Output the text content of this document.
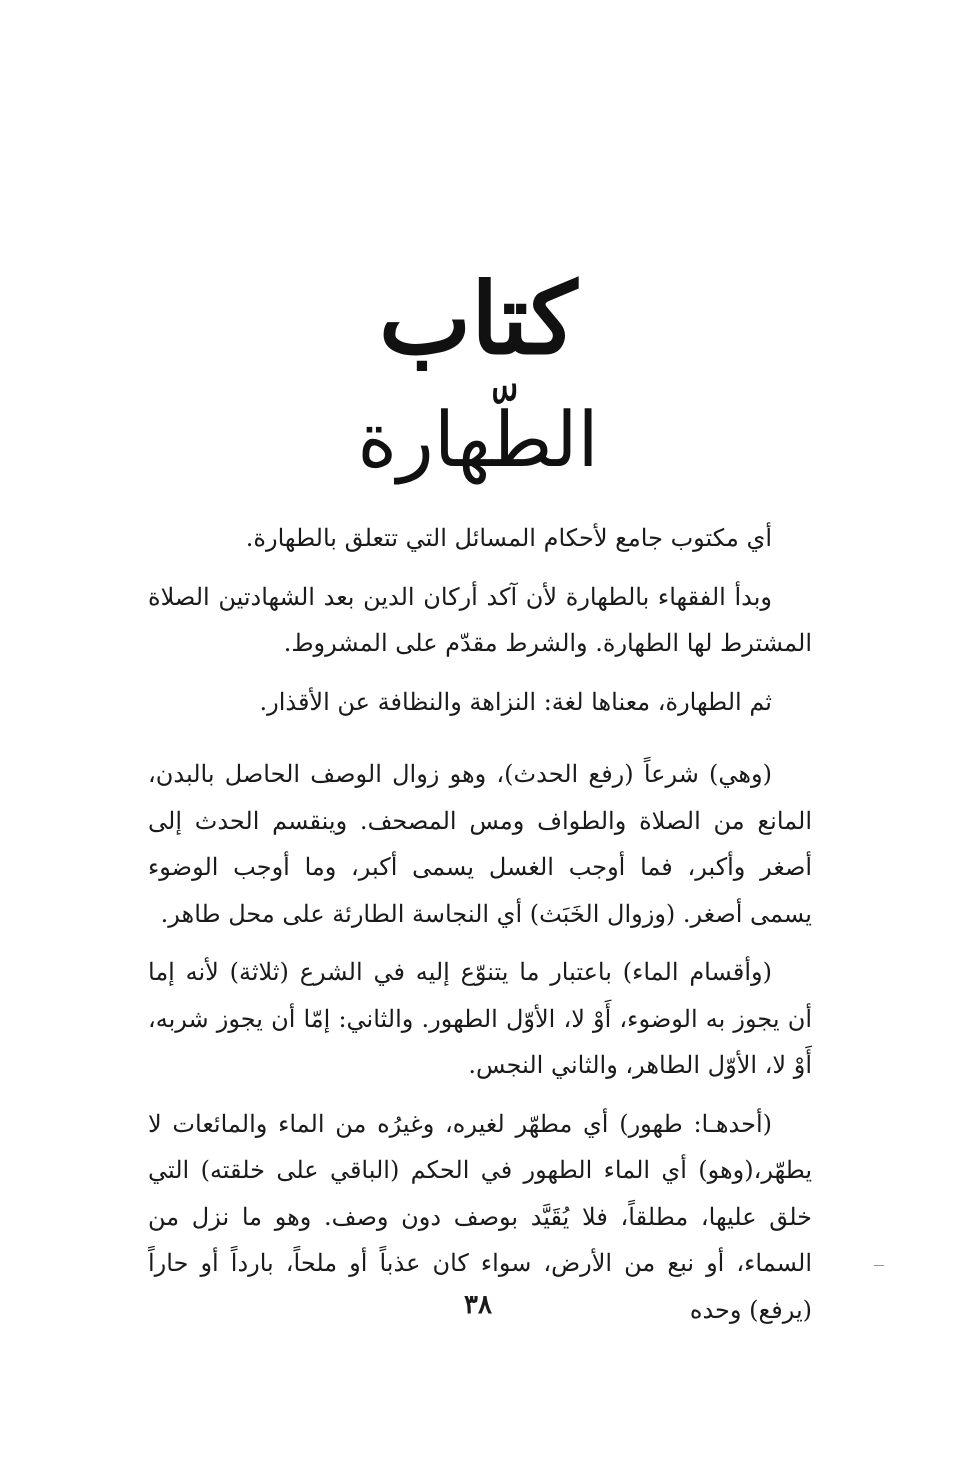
كتاب
الطّهارة

أي مكتوب جامع لأحكام المسائل التي تتعلق بالطهارة.

وبدأ الفقهاء بالطهارة لأن آكد أركان الدين بعد الشهادتين الصلاة المشترط لها الطهارة. والشرط مقدّم على المشروط.

ثم الطهارة، معناها لغة: النزاهة والنظافة عن الأقذار.

(وهي) شرعاً (رفع الحدث)، وهو زوال الوصف الحاصل بالبدن، المانع من الصلاة والطواف ومس المصحف. وينقسم الحدث إلى أصغر وأكبر، فما أوجب الغسل يسمى أكبر، وما أوجب الوضوء يسمى أصغر. (وزوال الخَبَث) أي النجاسة الطارئة على محل طاهر.

(وأقسام الماء) باعتبار ما يتنوّع إليه في الشرع (ثلاثة) لأنه إما أن يجوز به الوضوء، أَوْ لا، الأوّل الطهور. والثاني: إمّا أن يجوز شربه، أَوْ لا، الأوّل الطاهر، والثاني النجس.

(أحدهـا: طهور) أي مطهّر لغيره، وغيرُه من الماء والمائعات لا يطهّر،(وهو) أي الماء الطهور في الحكم (الباقي على خلقته) التي خلق عليها، مطلقاً، فلا يُقَيَّد بوصف دون وصف. وهو ما نزل من السماء، أو نبع من الأرض، سواء كان عذباً أو ملحاً، بارداً أو حاراً (يرفع) وحده

٣٨
